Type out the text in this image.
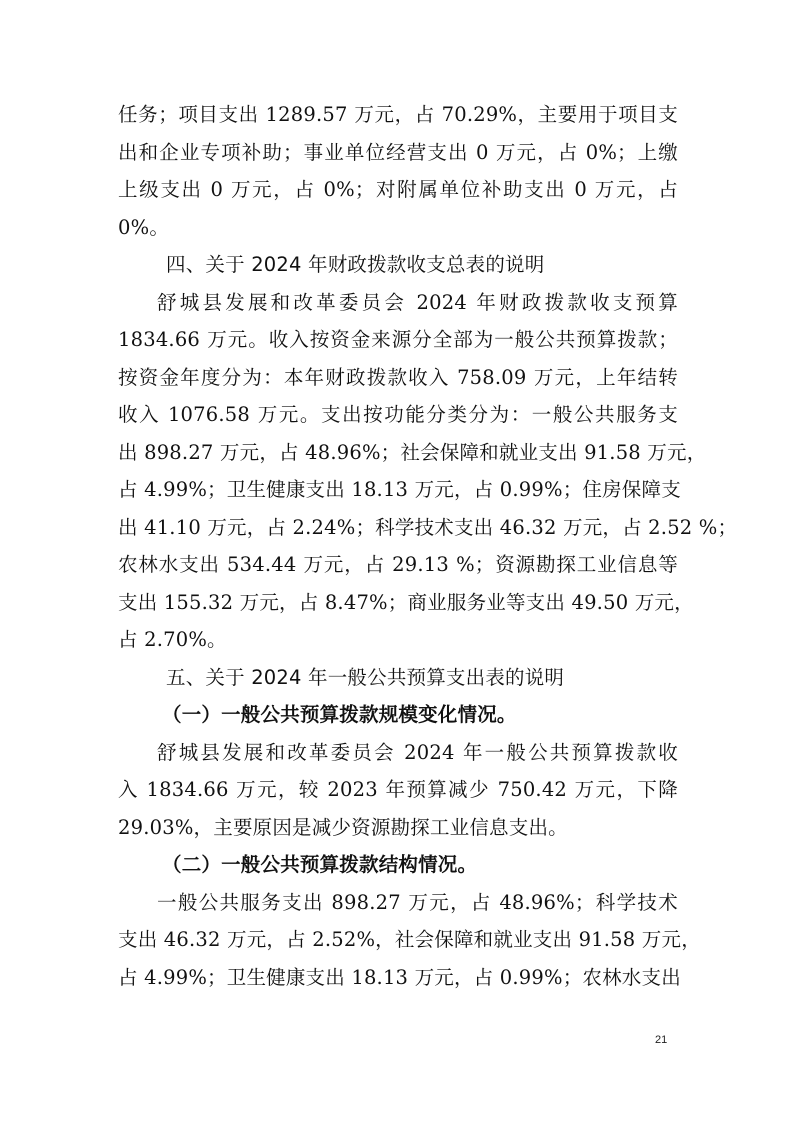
任务；项目支出 1289.57 万元，占 70.29%，主要用于项目支
出和企业专项补助；事业单位经营支出 0 万元，占 0%；上缴
上级支出 0 万元，占 0%；对附属单位补助支出 0 万元，占
0%。
四、关于 2024 年财政拨款收支总表的说明
舒城县发展和改革委员会 2024 年财政拨款收支预算
1834.66 万元。收入按资金来源分全部为一般公共预算拨款；
按资金年度分为：本年财政拨款收入 758.09 万元，上年结转
收入 1076.58 万元。支出按功能分类分为：一般公共服务支
出 898.27 万元，占 48.96%；社会保障和就业支出 91.58 万元，
占 4.99%；卫生健康支出 18.13 万元，占 0.99%；住房保障支
出 41.10 万元，占 2.24%；科学技术支出 46.32 万元，占 2.52 %；
农林水支出 534.44 万元，占 29.13 %；资源勘探工业信息等
支出 155.32 万元，占 8.47%；商业服务业等支出 49.50 万元，
占 2.70%。
五、关于 2024 年一般公共预算支出表的说明
（一）一般公共预算拨款规模变化情况。
舒城县发展和改革委员会 2024 年一般公共预算拨款收
入 1834.66 万元，较 2023 年预算减少 750.42 万元，下降
29.03%，主要原因是减少资源勘探工业信息支出。
（二）一般公共预算拨款结构情况。
一般公共服务支出 898.27 万元，占 48.96%；科学技术
支出 46.32 万元，占 2.52%，社会保障和就业支出 91.58 万元，
占 4.99%；卫生健康支出 18.13 万元，占 0.99%；农林水支出
21
